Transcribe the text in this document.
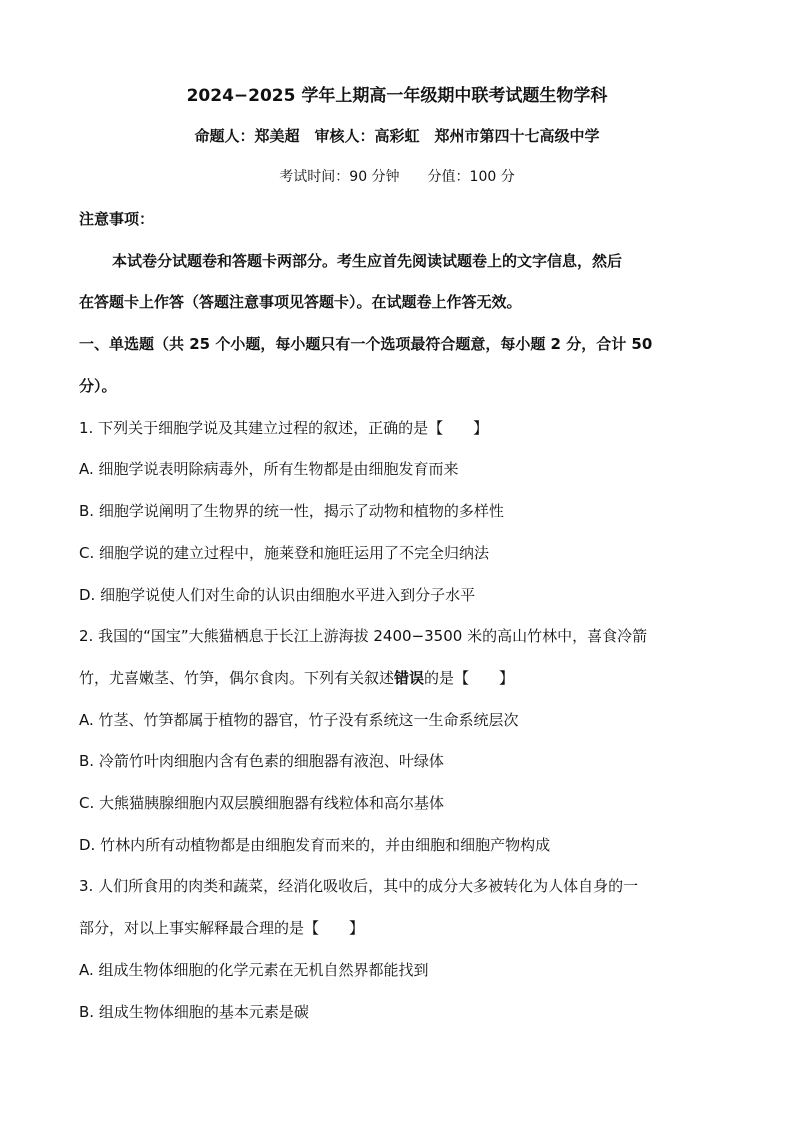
2024−2025 学年上期高一年级期中联考试题生物学科
命题人：郑美超　审核人：高彩虹　郑州市第四十七高级中学
考试时间：90 分钟　　分值：100 分
注意事项：
本试卷分试题卷和答题卡两部分。考生应首先阅读试题卷上的文字信息，然后
在答题卡上作答（答题注意事项见答题卡）。在试题卷上作答无效。
一、单选题（共 25 个小题，每小题只有一个选项最符合题意，每小题 2 分，合计 50
分）。
1. 下列关于细胞学说及其建立过程的叙述，正确的是【　　】
A. 细胞学说表明除病毒外，所有生物都是由细胞发育而来
B. 细胞学说阐明了生物界的统一性，揭示了动物和植物的多样性
C. 细胞学说的建立过程中，施莱登和施旺运用了不完全归纳法
D. 细胞学说使人们对生命的认识由细胞水平进入到分子水平
2. 我国的“国宝”大熊猫栖息于长江上游海拔 2400−3500 米的高山竹林中，喜食冷箭
竹，尤喜嫩茎、竹笋，偶尔食肉。下列有关叙述错误的是【　　】
A. 竹茎、竹笋都属于植物的器官，竹子没有系统这一生命系统层次
B. 冷箭竹叶肉细胞内含有色素的细胞器有液泡、叶绿体
C. 大熊猫胰腺细胞内双层膜细胞器有线粒体和高尔基体
D. 竹林内所有动植物都是由细胞发育而来的，并由细胞和细胞产物构成
3. 人们所食用的肉类和蔬菜，经消化吸收后，其中的成分大多被转化为人体自身的一
部分，对以上事实解释最合理的是【　　】
A. 组成生物体细胞的化学元素在无机自然界都能找到
B. 组成生物体细胞的基本元素是碳
